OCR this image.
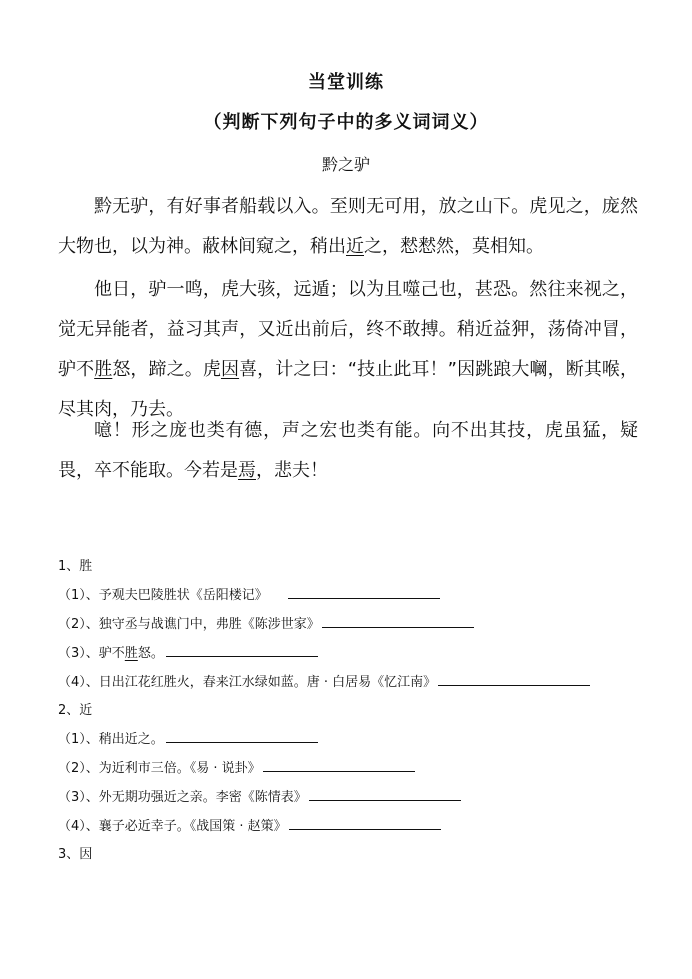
当堂训练
（判断下列句子中的多义词词义）
黔之驴

黔无驴，有好事者船载以入。至则无可用，放之山下。虎见之，庞然大物也，以为神。蔽林间窥之，稍出近之，慭慭然，莫相知。

他日，驴一鸣，虎大骇，远遁；以为且噬己也，甚恐。然往来视之，觉无异能者，益习其声，又近出前后，终不敢搏。稍近益狎，荡倚冲冒，驴不胜怒，蹄之。虎因喜，计之曰：“技止此耳！”因跳踉大㘎，断其喉，尽其肉，乃去。

噫！形之庞也类有德，声之宏也类有能。向不出其技，虎虽猛，疑畏，卒不能取。今若是焉，悲夫！

1、胜
（1）、予观夫巴陵胜状《岳阳楼记》
（2）、独守丞与战谯门中，弗胜《陈涉世家》
（3）、驴不胜怒。
（4）、日出江花红胜火，春来江水绿如蓝。唐 · 白居易《忆江南》
2、近
（1）、稍出近之。
（2）、为近利市三倍。《易 · 说卦》
（3）、外无期功强近之亲。李密《陈情表》
（4）、襄子必近幸子。《战国策 · 赵策》
3、因
